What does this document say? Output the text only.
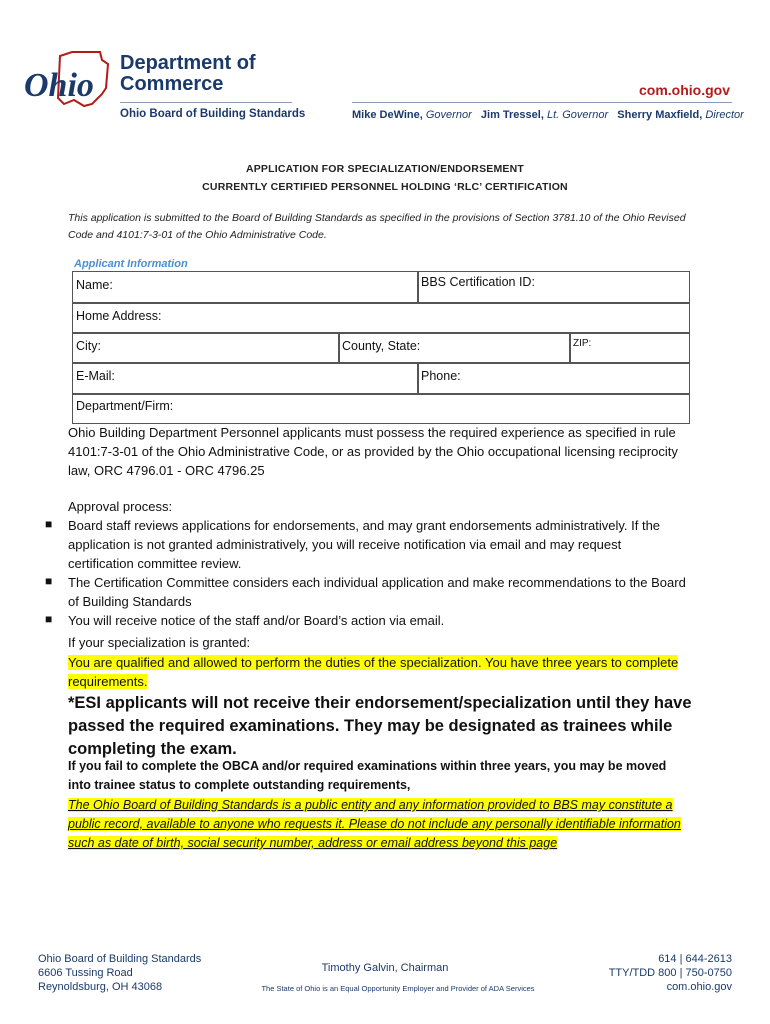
Ohio
Department of
Commerce
Ohio Board of Building Standards
com.ohio.gov
Mike DeWine, Governor Jim Tressel, Lt. Governor Sherry Maxfield, Director
APPLICATION FOR SPECIALIZATION/ENDORSEMENT
CURRENTLY CERTIFIED PERSONNEL HOLDING ‘RLC’ CERTIFICATION
This application is submitted to the Board of Building Standards as specified in the provisions of Section 3781.10 of the Ohio Revised Code and 4101:7-3-01 of the Ohio Administrative Code.
Applicant Information
Name:	BBS Certification ID:
Home Address:
City:	County, State:	ZIP:
E-Mail:	Phone:
Department/Firm:
Ohio Building Department Personnel applicants must possess the required experience as specified in rule 4101:7-3-01 of the Ohio Administrative Code, or as provided by the Ohio occupational licensing reciprocity law, ORC 4796.01 - ORC 4796.25
Approval process:
■ Board staff reviews applications for endorsements, and may grant endorsements administratively. If the application is not granted administratively, you will receive notification via email and may request certification committee review.
■ The Certification Committee considers each individual application and make recommendations to the Board of Building Standards
■ You will receive notice of the staff and/or Board’s action via email.
If your specialization is granted:
You are qualified and allowed to perform the duties of the specialization. You have three years to complete requirements.
*ESI applicants will not receive their endorsement/specialization until they have passed the required examinations. They may be designated as trainees while completing the exam.
If you fail to complete the OBCA and/or required examinations within three years, you may be moved into trainee status to complete outstanding requirements,
The Ohio Board of Building Standards is a public entity and any information provided to BBS may constitute a public record, available to anyone who requests it. Please do not include any personally identifiable information such as date of birth, social security number, address or email address beyond this page
Ohio Board of Building Standards
6606 Tussing Road
Reynoldsburg, OH 43068
Timothy Galvin, Chairman
The State of Ohio is an Equal Opportunity Employer and Provider of ADA Services
614 | 644-2613
TTY/TDD 800 | 750-0750
com.ohio.gov
